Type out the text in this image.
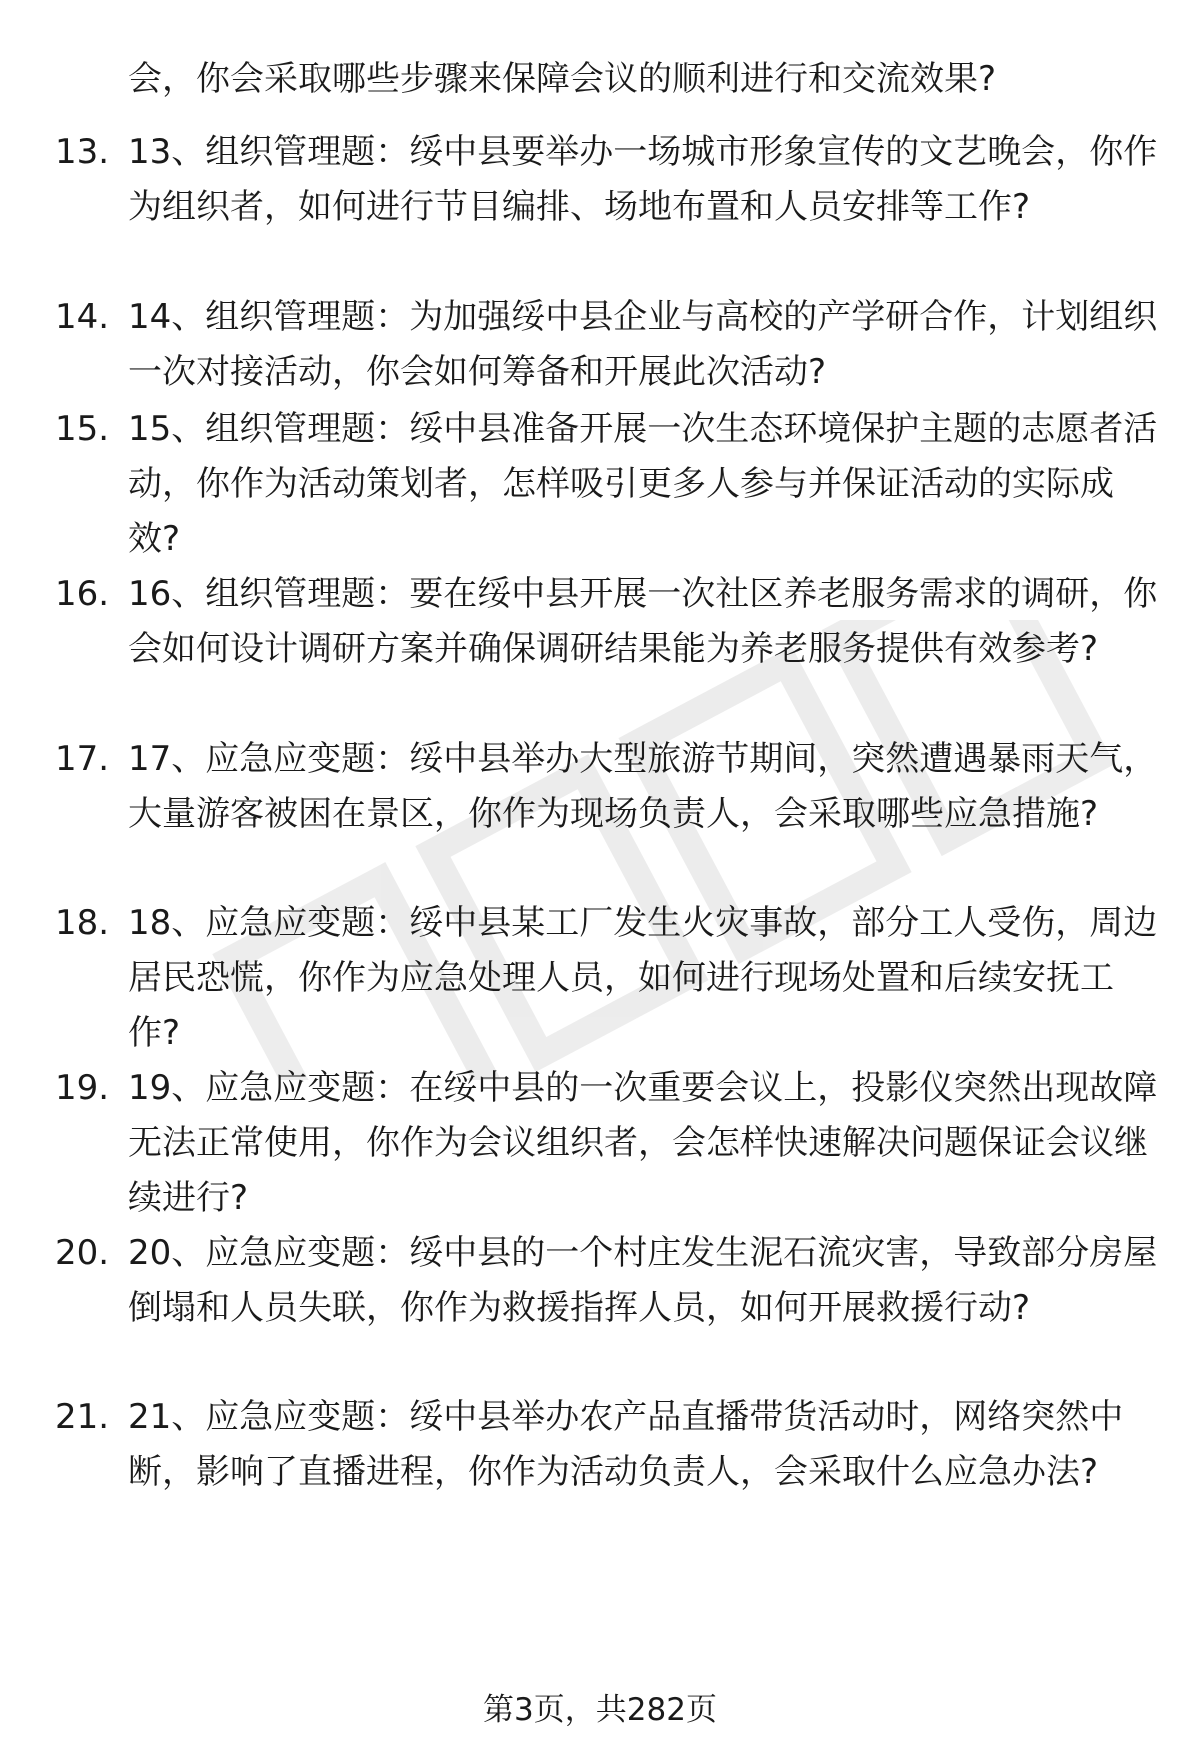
会，你会采取哪些步骤来保障会议的顺利进行和交流效果?
13. 13、组织管理题：绥中县要举办一场城市形象宣传的文艺晚会，你作为组织者，如何进行节目编排、场地布置和人员安排等工作?
14. 14、组织管理题：为加强绥中县企业与高校的产学研合作，计划组织一次对接活动，你会如何筹备和开展此次活动?
15. 15、组织管理题：绥中县准备开展一次生态环境保护主题的志愿者活动，你作为活动策划者，怎样吸引更多人参与并保证活动的实际成效?
16. 16、组织管理题：要在绥中县开展一次社区养老服务需求的调研，你会如何设计调研方案并确保调研结果能为养老服务提供有效参考?
17. 17、应急应变题：绥中县举办大型旅游节期间，突然遭遇暴雨天气，大量游客被困在景区，你作为现场负责人，会采取哪些应急措施?
18. 18、应急应变题：绥中县某工厂发生火灾事故，部分工人受伤，周边居民恐慌，你作为应急处理人员，如何进行现场处置和后续安抚工作?
19. 19、应急应变题：在绥中县的一次重要会议上，投影仪突然出现故障无法正常使用，你作为会议组织者，会怎样快速解决问题保证会议继续进行?
20. 20、应急应变题：绥中县的一个村庄发生泥石流灾害，导致部分房屋倒塌和人员失联，你作为救援指挥人员，如何开展救援行动?
21. 21、应急应变题：绥中县举办农产品直播带货活动时，网络突然中断，影响了直播进程，你作为活动负责人，会采取什么应急办法?
第3页，共282页
